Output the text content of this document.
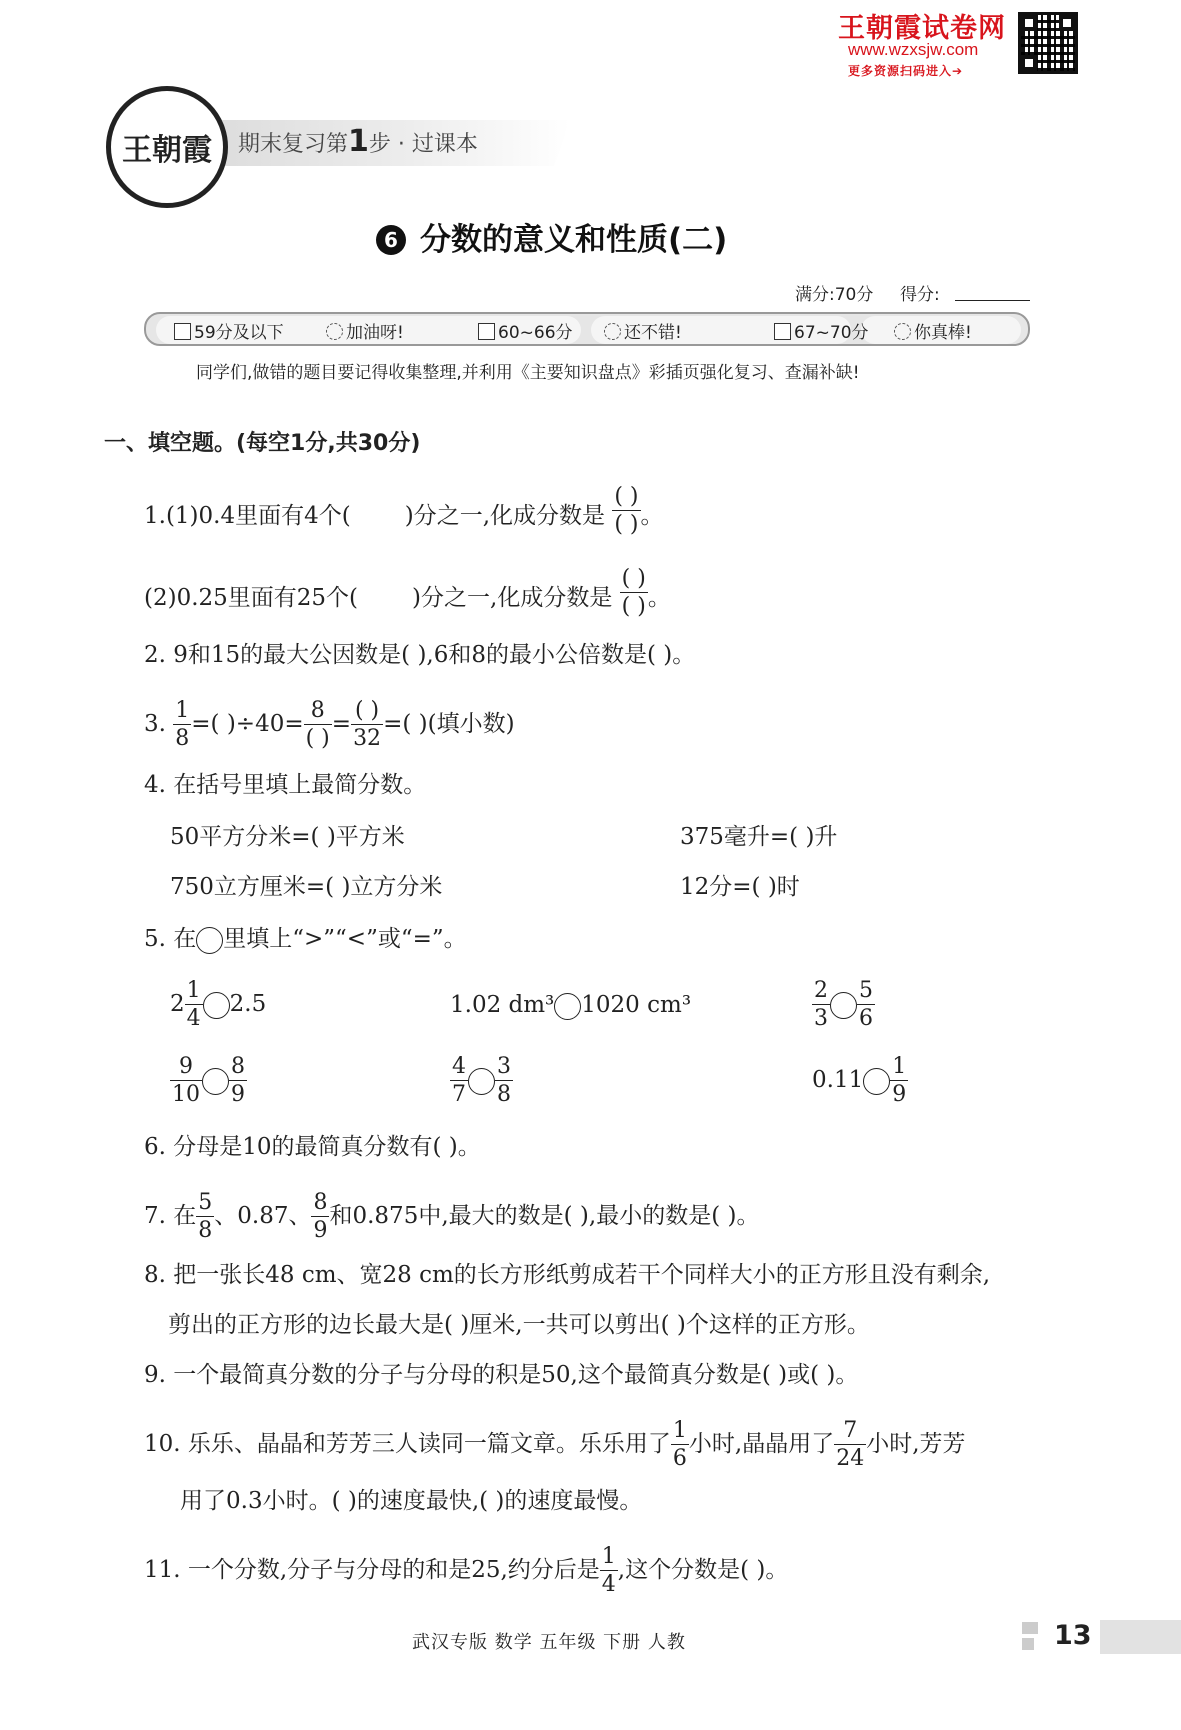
王朝霞试卷网
www.wzxsjw.com
更多资源扫码进入➔
期末复习第1步 · 过课本
王朝霞
6 分数的意义和性质(二)
满分:70分 得分:
59分及以下	加油呀!	60~66分	还不错!	67~70分	你真棒!
同学们,做错的题目要记得收集整理,并利用《主要知识盘点》彩插页强化复习、查漏补缺!
一、填空题。(每空1分,共30分)
1.(1)0.4里面有4个( )分之一,化成分数是 $\frac{( )}{( )}$ 。
(2)0.25里面有25个( )分之一,化成分数是 $\frac{( )}{( )}$ 。
2. 9和15的最大公因数是( ),6和8的最小公倍数是( )。
3. $\frac{1}{8}$ =( )$\div 40= \frac{8}{( )} = \frac{( )}{32}$ =( )(填小数)
4. 在括号里填上最简分数。
50平方分米=( )平方米	375毫升=( )升
750立方厘米=( )立方分米	12分=( )时
5. 在 里填上“>”“<”或“=”。
$2 \frac{1}{4} 2.5$	1.02 dm³ 1020 cm³	$\frac{2}{3} \frac{5}{6}$
$\frac{9}{10} \frac{8}{9}$	$\frac{4}{7} \frac{3}{8}$	$0.11 \frac{1}{9}$
6. 分母是10的最简真分数有( )。
7. 在 $\frac{5}{8}$ 、0.87、 $\frac{8}{9}$ 和0.875中,最大的数是( ),最小的数是( )。
8. 把一张长48 cm、宽28 cm的长方形纸剪成若干个同样大小的正方形且没有剩余,
剪出的正方形的边长最大是( )厘米,一共可以剪出( )个这样的正方形。
9. 一个最简真分数的分子与分母的积是50,这个最简真分数是( )或( )。
10. 乐乐、晶晶和芳芳三人读同一篇文章。乐乐用了 $\frac{1}{6}$ 小时,晶晶用了 $\frac{7}{24}$ 小时,芳芳
用了0.3小时。( )的速度最快,( )的速度最慢。
11. 一个分数,分子与分母的和是25,约分后是 $\frac{1}{4}$ ,这个分数是( )。
武汉专版 数学 五年级 下册 人教	13
